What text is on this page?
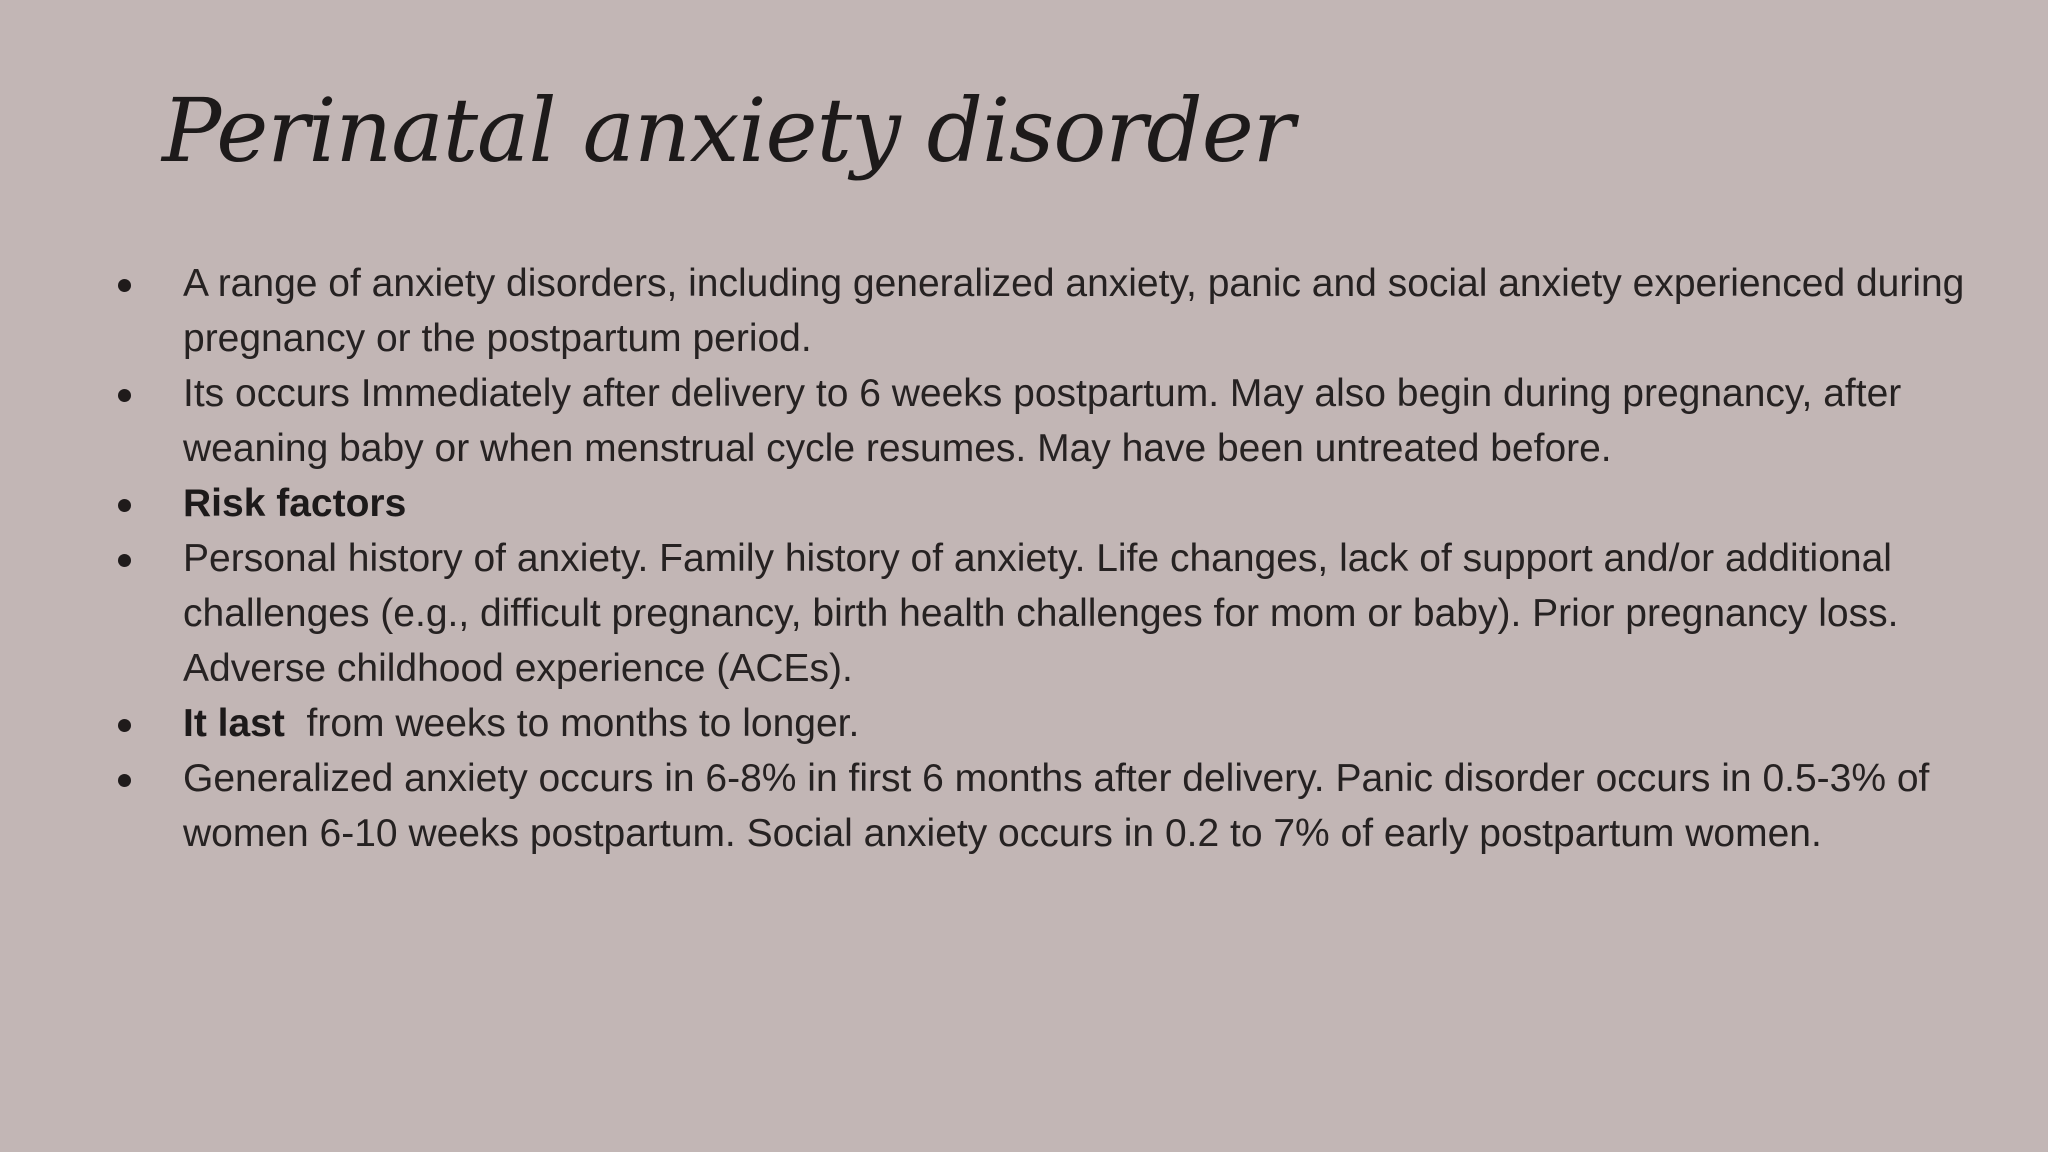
Perinatal anxiety disorder
A range of anxiety disorders, including generalized anxiety, panic and social anxiety experienced during pregnancy or the postpartum period.
Its occurs Immediately after delivery to 6 weeks postpartum. May also begin during pregnancy, after weaning baby or when menstrual cycle resumes. May have been untreated before.
Risk factors
Personal history of anxiety. Family history of anxiety. Life changes, lack of support and/or additional challenges (e.g., difficult pregnancy, birth health challenges for mom or baby). Prior pregnancy loss. Adverse childhood experience (ACEs).
It last  from weeks to months to longer.
Generalized anxiety occurs in 6-8% in first 6 months after delivery. Panic disorder occurs in 0.5-3% of women 6-10 weeks postpartum. Social anxiety occurs in 0.2 to 7% of early postpartum women.
